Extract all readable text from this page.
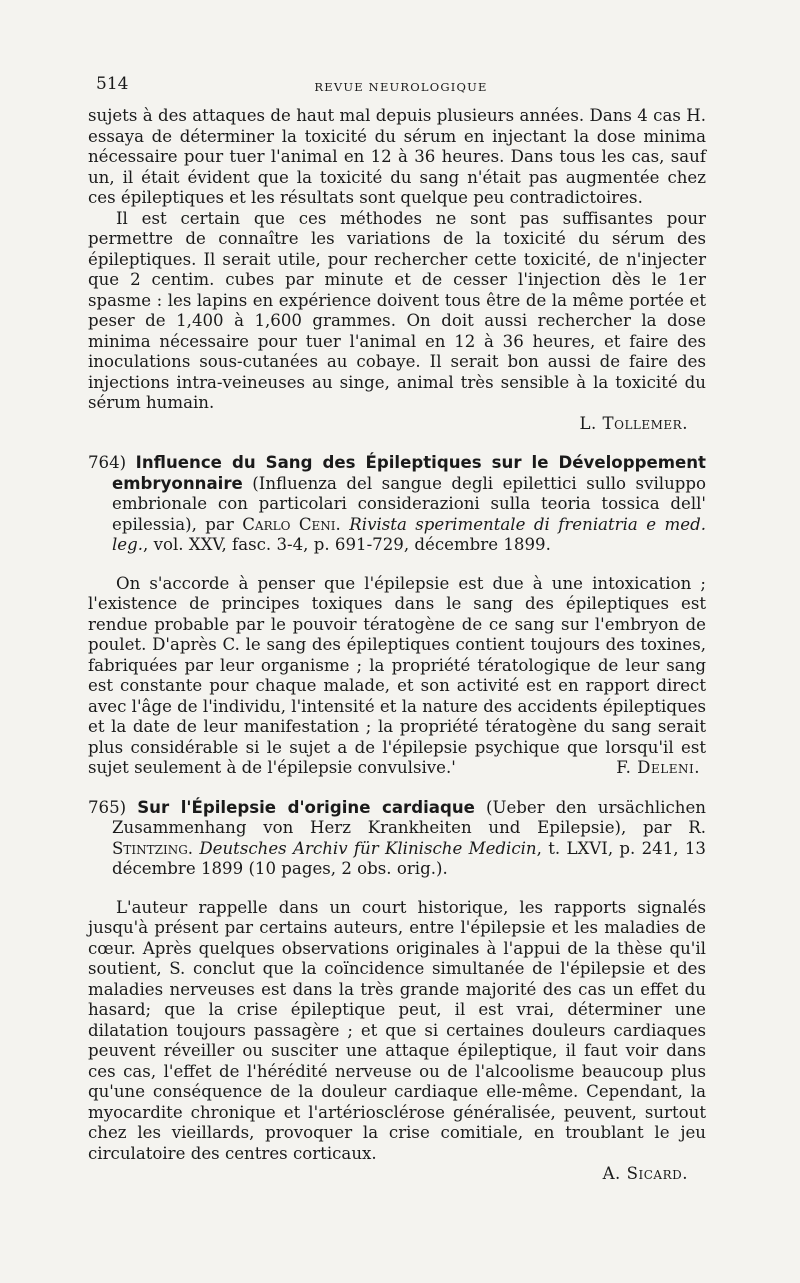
514	REVUE NEUROLOGIQUE

sujets à des attaques de haut mal depuis plusieurs années. Dans 4 cas H. essaya de déterminer la toxicité du sérum en injectant la dose minima nécessaire pour tuer l'animal en 12 à 36 heures. Dans tous les cas, sauf un, il était évident que la toxicité du sang n'était pas augmentée chez ces épileptiques et les résultats sont quelque peu contradictoires.

Il est certain que ces méthodes ne sont pas suffisantes pour permettre de connaître les variations de la toxicité du sérum des épileptiques. Il serait utile, pour rechercher cette toxicité, de n'injecter que 2 centim. cubes par minute et de cesser l'injection dès le 1er spasme : les lapins en expérience doivent tous être de la même portée et peser de 1,400 à 1,600 grammes. On doit aussi rechercher la dose minima nécessaire pour tuer l'animal en 12 à 36 heures, et faire des inoculations sous-cutanées au cobaye. Il serait bon aussi de faire des injections intra-veineuses au singe, animal très sensible à la toxicité du sérum humain.

L. Tollemer.

764) Influence du Sang des Épileptiques sur le Développement embryonnaire (Influenza del sangue degli epilettici sullo sviluppo embrionale con particolari considerazioni sulla teoria tossica dell' epilessia), par Carlo Ceni. Rivista sperimentale di freniatria e med. leg., vol. XXV, fasc. 3-4, p. 691-729, décembre 1899.

On s'accorde à penser que l'épilepsie est due à une intoxication ; l'existence de principes toxiques dans le sang des épileptiques est rendue probable par le pouvoir tératogène de ce sang sur l'embryon de poulet. D'après C. le sang des épileptiques contient toujours des toxines, fabriquées par leur organisme ; la propriété tératologique de leur sang est constante pour chaque malade, et son activité est en rapport direct avec l'âge de l'individu, l'intensité et la nature des accidents épileptiques et la date de leur manifestation ; la propriété tératogène du sang serait plus considérable si le sujet a de l'épilepsie psychique que lorsqu'il est sujet seulement à de l'épilepsie convulsive.'	F. Deleni.

765) Sur l'Épilepsie d'origine cardiaque (Ueber den ursächlichen Zusammenhang von Herz Krankheiten und Epilepsie), par R. Stintzing. Deutsches Archiv für Klinische Medicin, t. LXVI, p. 241, 13 décembre 1899 (10 pages, 2 obs. orig.).

L'auteur rappelle dans un court historique, les rapports signalés jusqu'à présent par certains auteurs, entre l'épilepsie et les maladies de cœur. Après quelques observations originales à l'appui de la thèse qu'il soutient, S. conclut que la coïncidence simultanée de l'épilepsie et des maladies nerveuses est dans la très grande majorité des cas un effet du hasard; que la crise épileptique peut, il est vrai, déterminer une dilatation toujours passagère ; et que si certaines douleurs cardiaques peuvent réveiller ou susciter une attaque épileptique, il faut voir dans ces cas, l'effet de l'hérédité nerveuse ou de l'alcoolisme beaucoup plus qu'une conséquence de la douleur cardiaque elle-même. Cependant, la myocardite chronique et l'artériosclérose généralisée, peuvent, surtout chez les vieillards, provoquer la crise comitiale, en troublant le jeu circulatoire des centres corticaux.

A. Sicard.
